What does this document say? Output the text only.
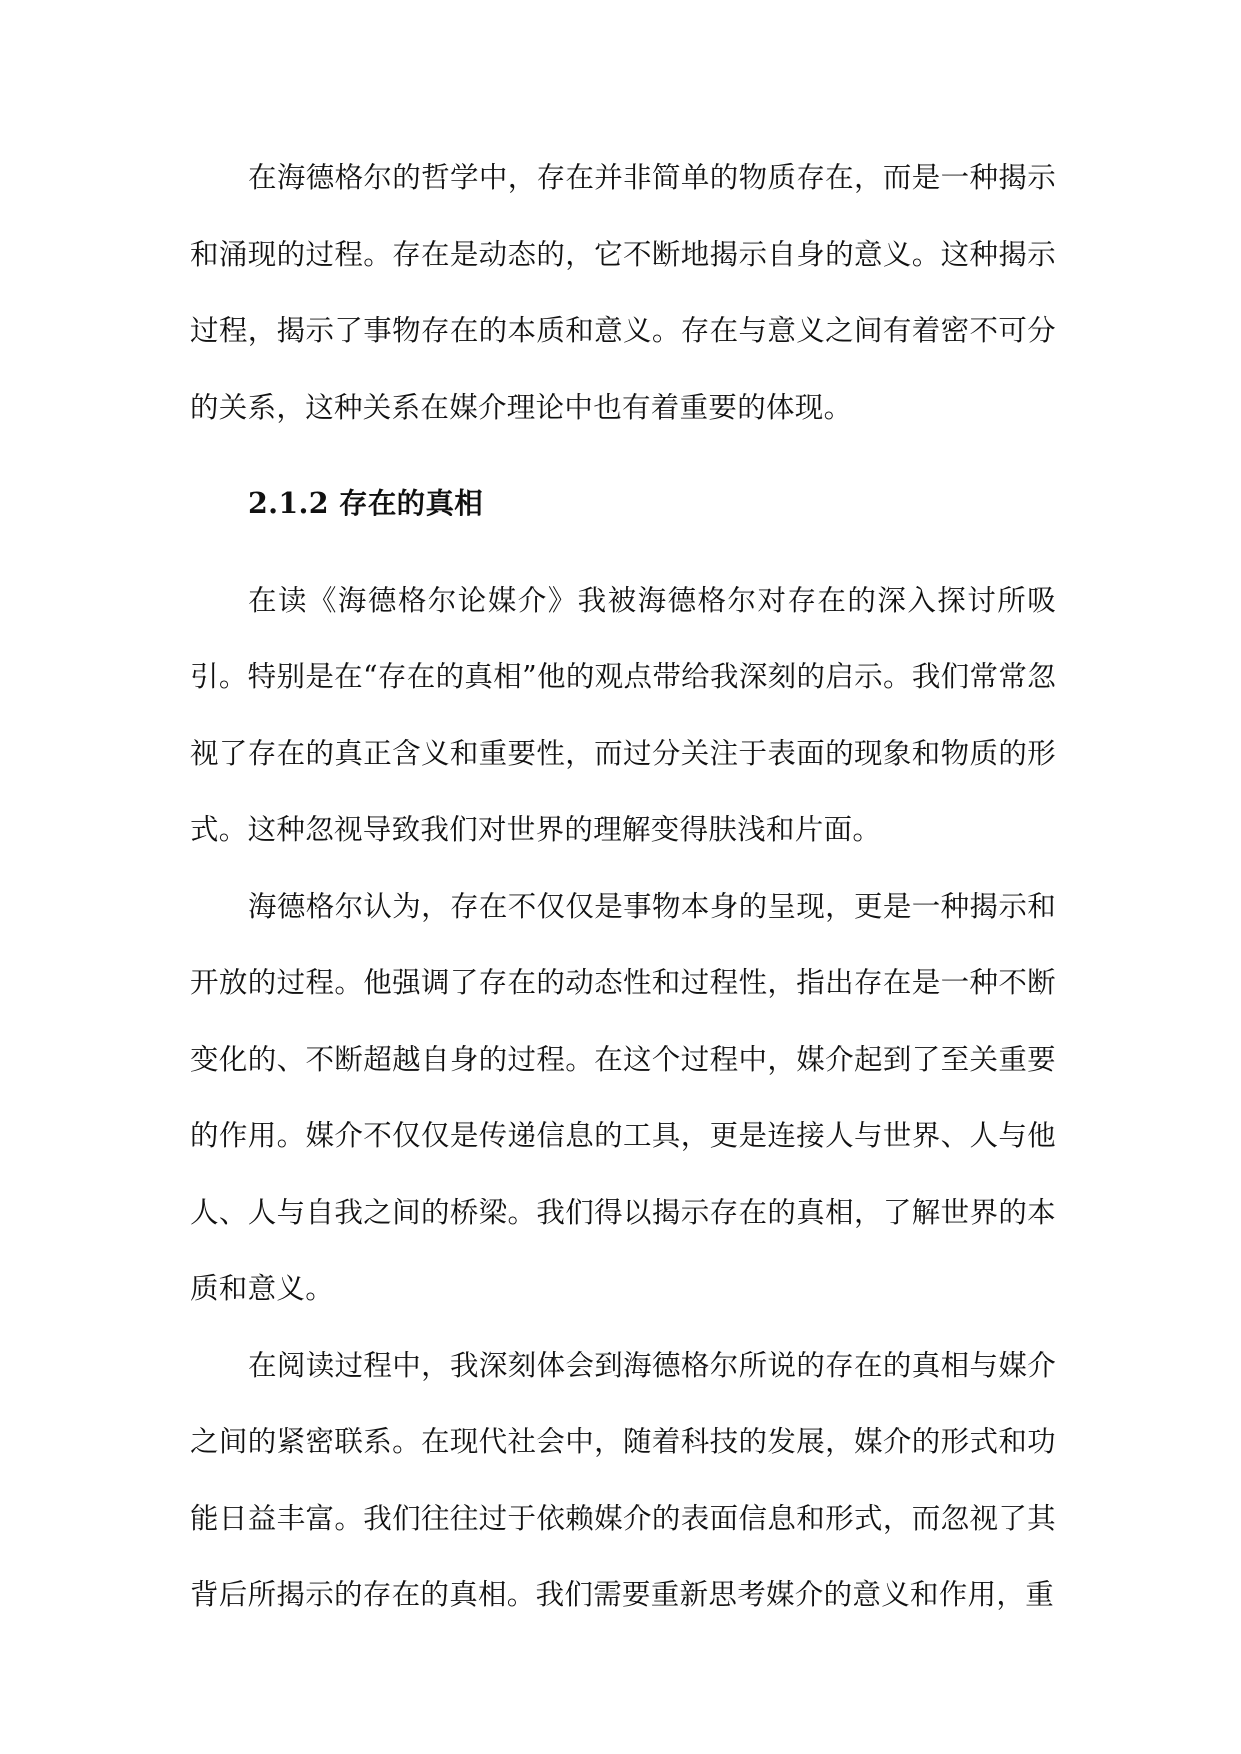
在海德格尔的哲学中，存在并非简单的物质存在，而是一种揭示和涌现的过程。存在是动态的，它不断地揭示自身的意义。这种揭示过程，揭示了事物存在的本质和意义。存在与意义之间有着密不可分的关系，这种关系在媒介理论中也有着重要的体现。

2.1.2 存在的真相

在读《海德格尔论媒介》我被海德格尔对存在的深入探讨所吸引。特别是在“存在的真相”他的观点带给我深刻的启示。我们常常忽视了存在的真正含义和重要性，而过分关注于表面的现象和物质的形式。这种忽视导致我们对世界的理解变得肤浅和片面。

海德格尔认为，存在不仅仅是事物本身的呈现，更是一种揭示和开放的过程。他强调了存在的动态性和过程性，指出存在是一种不断变化的、不断超越自身的过程。在这个过程中，媒介起到了至关重要的作用。媒介不仅仅是传递信息的工具，更是连接人与世界、人与他人、人与自我之间的桥梁。我们得以揭示存在的真相，了解世界的本质和意义。

在阅读过程中，我深刻体会到海德格尔所说的存在的真相与媒介之间的紧密联系。在现代社会中，随着科技的发展，媒介的形式和功能日益丰富。我们往往过于依赖媒介的表面信息和形式，而忽视了其背后所揭示的存在的真相。我们需要重新思考媒介的意义和作用，重
